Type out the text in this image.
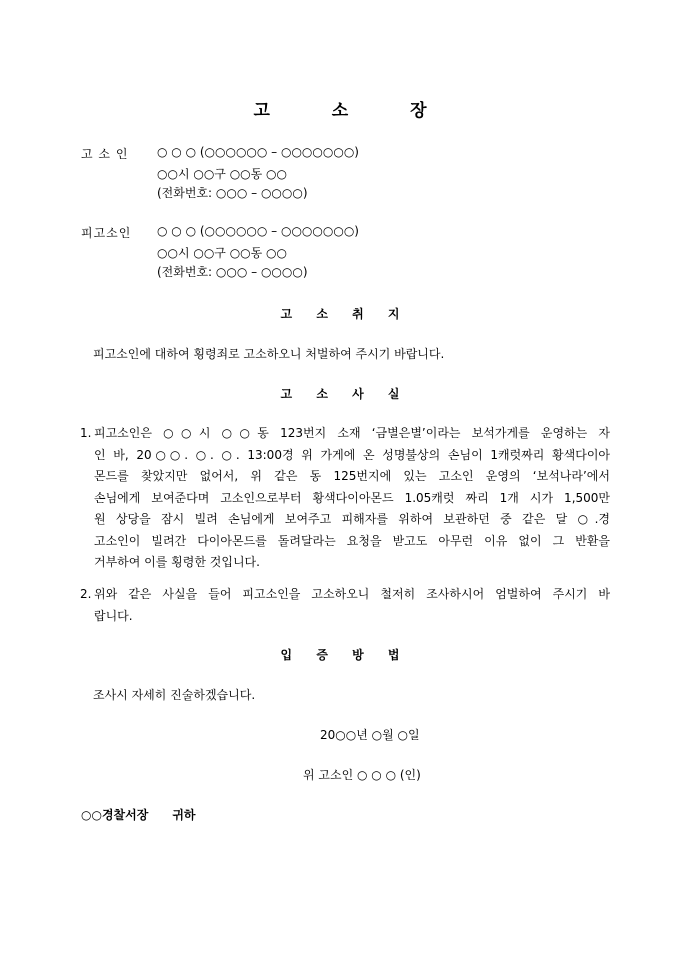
고 소 장
고 소 인	○ ○ ○ (○○○○○○ – ○○○○○○○)
○○시 ○○구 ○○동 ○○
(전화번호: ○○○ – ○○○○)
피고소인	○ ○ ○ (○○○○○○ – ○○○○○○○)
○○시 ○○구 ○○동 ○○
(전화번호: ○○○ – ○○○○)
고 소 취 지
피고소인에 대하여 횡령죄로 고소하오니 처벌하여 주시기 바랍니다.
고 소 사 실
1. 피고소인은 ○○시 ○○동 123번지 소재 ‘금별은별’이라는 보석가게를 운영하는 자
인 바, 20○○. ○. ○. 13:00경 위 가게에 온 성명불상의 손님이 1캐럿짜리 황색다이아
몬드를 찾았지만 없어서, 위 같은 동 125번지에 있는 고소인 운영의 ‘보석나라’에서
손님에게 보여준다며 고소인으로부터 황색다이아몬드 1.05캐럿 짜리 1개 시가 1,500만
원 상당을 잠시 빌려 손님에게 보여주고 피해자를 위하여 보관하던 중 같은 달 ○.경
고소인이 빌려간 다이아몬드를 돌려달라는 요청을 받고도 아무런 이유 없이 그 반환을
거부하여 이를 횡령한 것입니다.
2. 위와 같은 사실을 들어 피고소인을 고소하오니 철저히 조사하시어 엄벌하여 주시기 바
랍니다.
입 증 방 법
조사시 자세히 진술하겠습니다.
20○○년 ○월 ○일
위 고소인 ○ ○ ○ (인)
○○경찰서장 귀하
